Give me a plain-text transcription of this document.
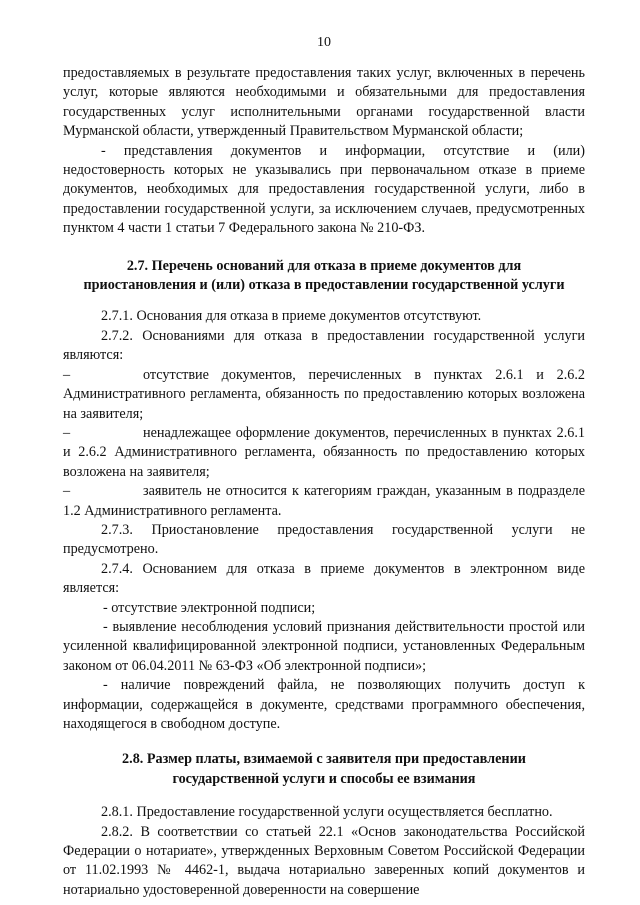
10

предоставляемых в результате предоставления таких услуг, включенных в перечень услуг, которые являются необходимыми и обязательными для предоставления государственных услуг исполнительными органами государственной власти Мурманской области, утвержденный Правительством Мурманской области;

- представления документов и информации, отсутствие и (или) недостоверность которых не указывались при первоначальном отказе в приеме документов, необходимых для предоставления государственной услуги, либо в предоставлении государственной услуги, за исключением случаев, предусмотренных пунктом 4 части 1 статьи 7 Федерального закона № 210-ФЗ.

2.7. Перечень оснований для отказа в приеме документов для приостановления и (или) отказа в предоставлении государственной услуги

2.7.1. Основания для отказа в приеме документов отсутствуют.

2.7.2. Основаниями для отказа в предоставлении государственной услуги являются:

–	отсутствие документов, перечисленных в пунктах 2.6.1 и 2.6.2 Административного регламента, обязанность по предоставлению которых возложена на заявителя;

–	ненадлежащее оформление документов, перечисленных в пунктах 2.6.1 и 2.6.2 Административного регламента, обязанность по предоставлению которых возложена на заявителя;

–	заявитель не относится к категориям граждан, указанным в подразделе 1.2 Административного регламента.

2.7.3. Приостановление предоставления государственной услуги не предусмотрено.

2.7.4. Основанием для отказа в приеме документов в электронном виде является:

- отсутствие электронной подписи;

- выявление несоблюдения условий признания действительности простой или усиленной квалифицированной электронной подписи, установленных Федеральным законом от 06.04.2011 № 63-ФЗ «Об электронной подписи»;

- наличие повреждений файла, не позволяющих получить доступ к информации, содержащейся в документе, средствами программного обеспечения, находящегося в свободном доступе.

2.8. Размер платы, взимаемой с заявителя при предоставлении государственной услуги и способы ее взимания

2.8.1. Предоставление государственной услуги осуществляется бесплатно.

2.8.2. В соответствии со статьей 22.1 «Основ законодательства Российской Федерации о нотариате», утвержденных Верховным Советом Российской Федерации от 11.02.1993 № 4462-1, выдача нотариально заверенных копий документов и нотариально удостоверенной доверенности на совершение
